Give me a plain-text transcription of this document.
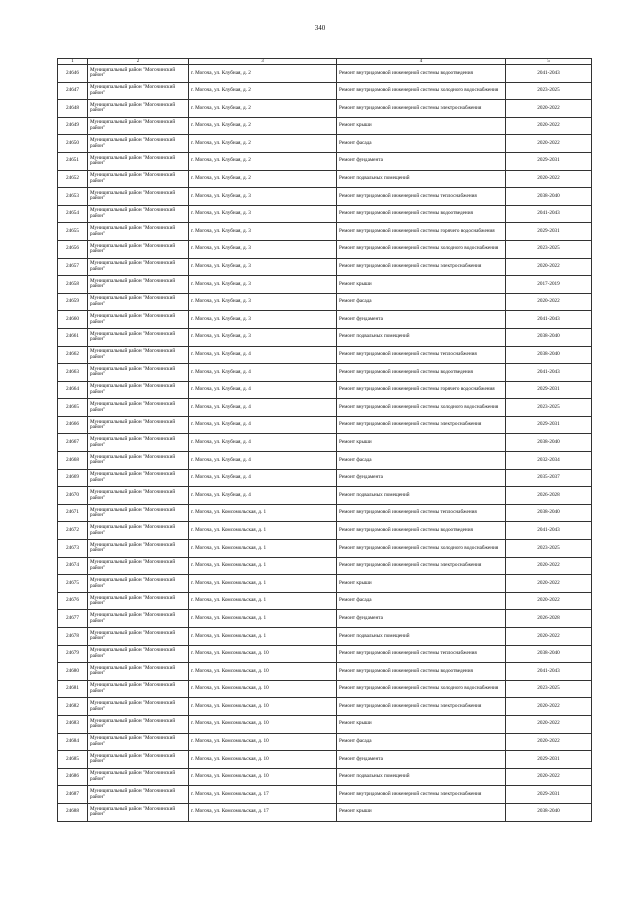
340
1	2	3	4	5
24646	Муниципальный район "Могочинский район"	г. Могоча, ул. Клубная, д. 2	Ремонт внутридомовой инженерной системы водоотведения	2041-2043
24647	Муниципальный район "Могочинский район"	г. Могоча, ул. Клубная, д. 2	Ремонт внутридомовой инженерной системы холодного водоснабжения	2023-2025
24648	Муниципальный район "Могочинский район"	г. Могоча, ул. Клубная, д. 2	Ремонт внутридомовой инженерной системы электроснабжения	2020-2022
24649	Муниципальный район "Могочинский район"	г. Могоча, ул. Клубная, д. 2	Ремонт крыши	2020-2022
24650	Муниципальный район "Могочинский район"	г. Могоча, ул. Клубная, д. 2	Ремонт фасада	2020-2022
24651	Муниципальный район "Могочинский район"	г. Могоча, ул. Клубная, д. 2	Ремонт фундамента	2029-2031
24652	Муниципальный район "Могочинский район"	г. Могоча, ул. Клубная, д. 2	Ремонт подвальных помещений	2020-2022
24653	Муниципальный район "Могочинский район"	г. Могоча, ул. Клубная, д. 3	Ремонт внутридомовой инженерной системы теплоснабжения	2038-2040
24654	Муниципальный район "Могочинский район"	г. Могоча, ул. Клубная, д. 3	Ремонт внутридомовой инженерной системы водоотведения	2041-2043
24655	Муниципальный район "Могочинский район"	г. Могоча, ул. Клубная, д. 3	Ремонт внутридомовой инженерной системы горячего водоснабжения	2029-2031
24656	Муниципальный район "Могочинский район"	г. Могоча, ул. Клубная, д. 3	Ремонт внутридомовой инженерной системы холодного водоснабжения	2023-2025
24657	Муниципальный район "Могочинский район"	г. Могоча, ул. Клубная, д. 3	Ремонт внутридомовой инженерной системы электроснабжения	2020-2022
24658	Муниципальный район "Могочинский район"	г. Могоча, ул. Клубная, д. 3	Ремонт крыши	2017-2019
24659	Муниципальный район "Могочинский район"	г. Могоча, ул. Клубная, д. 3	Ремонт фасада	2020-2022
24660	Муниципальный район "Могочинский район"	г. Могоча, ул. Клубная, д. 3	Ремонт фундамента	2041-2043
24661	Муниципальный район "Могочинский район"	г. Могоча, ул. Клубная, д. 3	Ремонт подвальных помещений	2038-2040
24662	Муниципальный район "Могочинский район"	г. Могоча, ул. Клубная, д. 4	Ремонт внутридомовой инженерной системы теплоснабжения	2038-2040
24663	Муниципальный район "Могочинский район"	г. Могоча, ул. Клубная, д. 4	Ремонт внутридомовой инженерной системы водоотведения	2041-2043
24664	Муниципальный район "Могочинский район"	г. Могоча, ул. Клубная, д. 4	Ремонт внутридомовой инженерной системы горячего водоснабжения	2029-2031
24665	Муниципальный район "Могочинский район"	г. Могоча, ул. Клубная, д. 4	Ремонт внутридомовой инженерной системы холодного водоснабжения	2023-2025
24666	Муниципальный район "Могочинский район"	г. Могоча, ул. Клубная, д. 4	Ремонт внутридомовой инженерной системы электроснабжения	2029-2031
24667	Муниципальный район "Могочинский район"	г. Могоча, ул. Клубная, д. 4	Ремонт крыши	2038-2040
24668	Муниципальный район "Могочинский район"	г. Могоча, ул. Клубная, д. 4	Ремонт фасада	2032-2034
24669	Муниципальный район "Могочинский район"	г. Могоча, ул. Клубная, д. 4	Ремонт фундамента	2035-2037
24670	Муниципальный район "Могочинский район"	г. Могоча, ул. Клубная, д. 4	Ремонт подвальных помещений	2026-2028
24671	Муниципальный район "Могочинский район"	г. Могоча, ул. Комсомольская, д. 1	Ремонт внутридомовой инженерной системы теплоснабжения	2038-2040
24672	Муниципальный район "Могочинский район"	г. Могоча, ул. Комсомольская, д. 1	Ремонт внутридомовой инженерной системы водоотведения	2041-2043
24673	Муниципальный район "Могочинский район"	г. Могоча, ул. Комсомольская, д. 1	Ремонт внутридомовой инженерной системы холодного водоснабжения	2023-2025
24674	Муниципальный район "Могочинский район"	г. Могоча, ул. Комсомольская, д. 1	Ремонт внутридомовой инженерной системы электроснабжения	2020-2022
24675	Муниципальный район "Могочинский район"	г. Могоча, ул. Комсомольская, д. 1	Ремонт крыши	2020-2022
24676	Муниципальный район "Могочинский район"	г. Могоча, ул. Комсомольская, д. 1	Ремонт фасада	2020-2022
24677	Муниципальный район "Могочинский район"	г. Могоча, ул. Комсомольская, д. 1	Ремонт фундамента	2026-2028
24678	Муниципальный район "Могочинский район"	г. Могоча, ул. Комсомольская, д. 1	Ремонт подвальных помещений	2020-2022
24679	Муниципальный район "Могочинский район"	г. Могоча, ул. Комсомольская, д. 10	Ремонт внутридомовой инженерной системы теплоснабжения	2038-2040
24680	Муниципальный район "Могочинский район"	г. Могоча, ул. Комсомольская, д. 10	Ремонт внутридомовой инженерной системы водоотведения	2041-2043
24681	Муниципальный район "Могочинский район"	г. Могоча, ул. Комсомольская, д. 10	Ремонт внутридомовой инженерной системы холодного водоснабжения	2023-2025
24682	Муниципальный район "Могочинский район"	г. Могоча, ул. Комсомольская, д. 10	Ремонт внутридомовой инженерной системы электроснабжения	2020-2022
24683	Муниципальный район "Могочинский район"	г. Могоча, ул. Комсомольская, д. 10	Ремонт крыши	2020-2022
24684	Муниципальный район "Могочинский район"	г. Могоча, ул. Комсомольская, д. 10	Ремонт фасада	2020-2022
24685	Муниципальный район "Могочинский район"	г. Могоча, ул. Комсомольская, д. 10	Ремонт фундамента	2029-2031
24686	Муниципальный район "Могочинский район"	г. Могоча, ул. Комсомольская, д. 10	Ремонт подвальных помещений	2020-2022
24687	Муниципальный район "Могочинский район"	г. Могоча, ул. Комсомольская, д. 17	Ремонт внутридомовой инженерной системы электроснабжения	2029-2031
24688	Муниципальный район "Могочинский район"	г. Могоча, ул. Комсомольская, д. 17	Ремонт крыши	2038-2040
